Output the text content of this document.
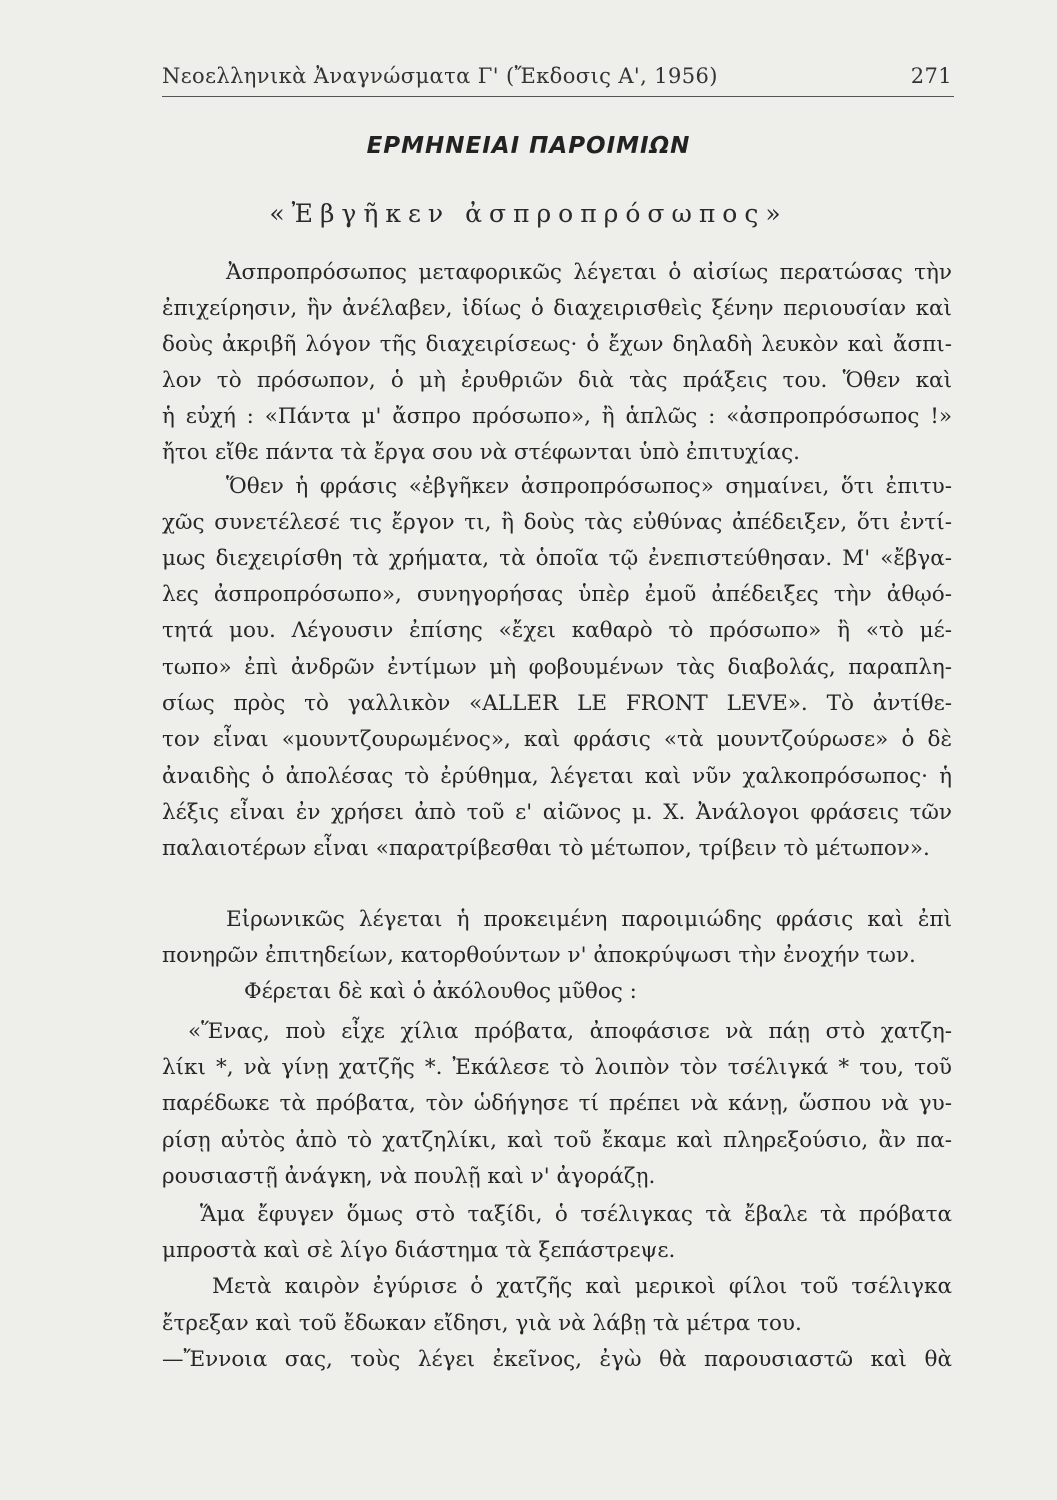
Νεοελληνικὰ Ἀναγνώσματα Γ' (Ἔκδοσις Α', 1956)	271
ΕΡΜΗΝΕΙΑΙ ΠΑΡΟΙΜΙΩΝ
«Ἐβγῆκεν ἀσπροπρόσωπος»

Ἀσπροπρόσωπος μεταφορικῶς λέγεται ὁ αἰσίως περατώσας τὴν

ἐπιχείρησιν, ἣν ἀνέλαβεν, ἰδίως ὁ διαχειρισθεὶς ξένην περιουσίαν καὶ

δοὺς ἀκριβῆ λόγον τῆς διαχειρίσεως· ὁ ἔχων δηλαδὴ λευκὸν καὶ ἄσπι-

λον τὸ πρόσωπον, ὁ μὴ ἐρυθριῶν διὰ τὰς πράξεις του. Ὅθεν καὶ

ἡ εὐχή : «Πάντα μ' ἄσπρο πρόσωπο», ἢ ἁπλῶς : «ἀσπροπρόσωπος !»

ἤτοι εἴθε πάντα τὰ ἔργα σου νὰ στέφωνται ὑπὸ ἐπιτυχίας.

Ὅθεν ἡ φράσις «ἐβγῆκεν ἀσπροπρόσωπος» σημαίνει, ὅτι ἐπιτυ-

χῶς συνετέλεσέ τις ἔργον τι, ἢ δοὺς τὰς εὐθύνας ἀπέδειξεν, ὅτι ἐντί-

μως διεχειρίσθη τὰ χρήματα, τὰ ὁποῖα τῷ ἐνεπιστεύθησαν. Μ' «ἔβγα-

λες ἀσπροπρόσωπο», συνηγορήσας ὑπὲρ ἐμοῦ ἀπέδειξες τὴν ἀθῳό-

τητά μου. Λέγουσιν ἐπίσης «ἔχει καθαρὸ τὸ πρόσωπο» ἢ «τὸ μέ-

τωπο» ἐπὶ ἀνδρῶν ἐντίμων μὴ φοβουμένων τὰς διαβολάς, παραπλη-

σίως πρὸς τὸ γαλλικὸν «ALLER LE FRONT LEVE». Τὸ ἀντίθε-

τον εἶναι «μουντζουρωμένος», καὶ φράσις «τὰ μουντζούρωσε» ὁ δὲ

ἀναιδὴς ὁ ἀπολέσας τὸ ἐρύθημα, λέγεται καὶ νῦν χαλκοπρόσωπος· ἡ

λέξις εἶναι ἐν χρήσει ἀπὸ τοῦ ε' αἰῶνος μ. Χ. Ἀνάλογοι φράσεις τῶν

παλαιοτέρων εἶναι «παρατρίβεσθαι τὸ μέτωπον, τρίβειν τὸ μέτωπον».

Εἰρωνικῶς λέγεται ἡ προκειμένη παροιμιώδης φράσις καὶ ἐπὶ

πονηρῶν ἐπιτηδείων, κατορθούντων ν' ἀποκρύψωσι τὴν ἐνοχήν των.

Φέρεται δὲ καὶ ὁ ἀκόλουθος μῦθος :

«Ἕνας, ποὺ εἶχε χίλια πρόβατα, ἀποφάσισε νὰ πάῃ στὸ χατζη-

λίκι *, νὰ γίνῃ χατζῆς *. Ἐκάλεσε τὸ λοιπὸν τὸν τσέλιγκά * του, τοῦ

παρέδωκε τὰ πρόβατα, τὸν ὡδήγησε τί πρέπει νὰ κάνῃ, ὥσπου νὰ γυ-

ρίσῃ αὐτὸς ἀπὸ τὸ χατζηλίκι, καὶ τοῦ ἔκαμε καὶ πληρεξούσιο, ἂν πα-

ρουσιαστῇ ἀνάγκη, νὰ πουλῇ καὶ ν' ἀγοράζῃ.

Ἅμα ἔφυγεν ὅμως στὸ ταξίδι, ὁ τσέλιγκας τὰ ἔβαλε τὰ πρόβατα

μπροστὰ καὶ σὲ λίγο διάστημα τὰ ξεπάστρεψε.

Μετὰ καιρὸν ἐγύρισε ὁ χατζῆς καὶ μερικοὶ φίλοι τοῦ τσέλιγκα

ἔτρεξαν καὶ τοῦ ἔδωκαν εἴδησι, γιὰ νὰ λάβῃ τὰ μέτρα του.

—Ἔννοια σας, τοὺς λέγει ἐκεῖνος, ἐγὼ θὰ παρουσιαστῶ καὶ θὰ
